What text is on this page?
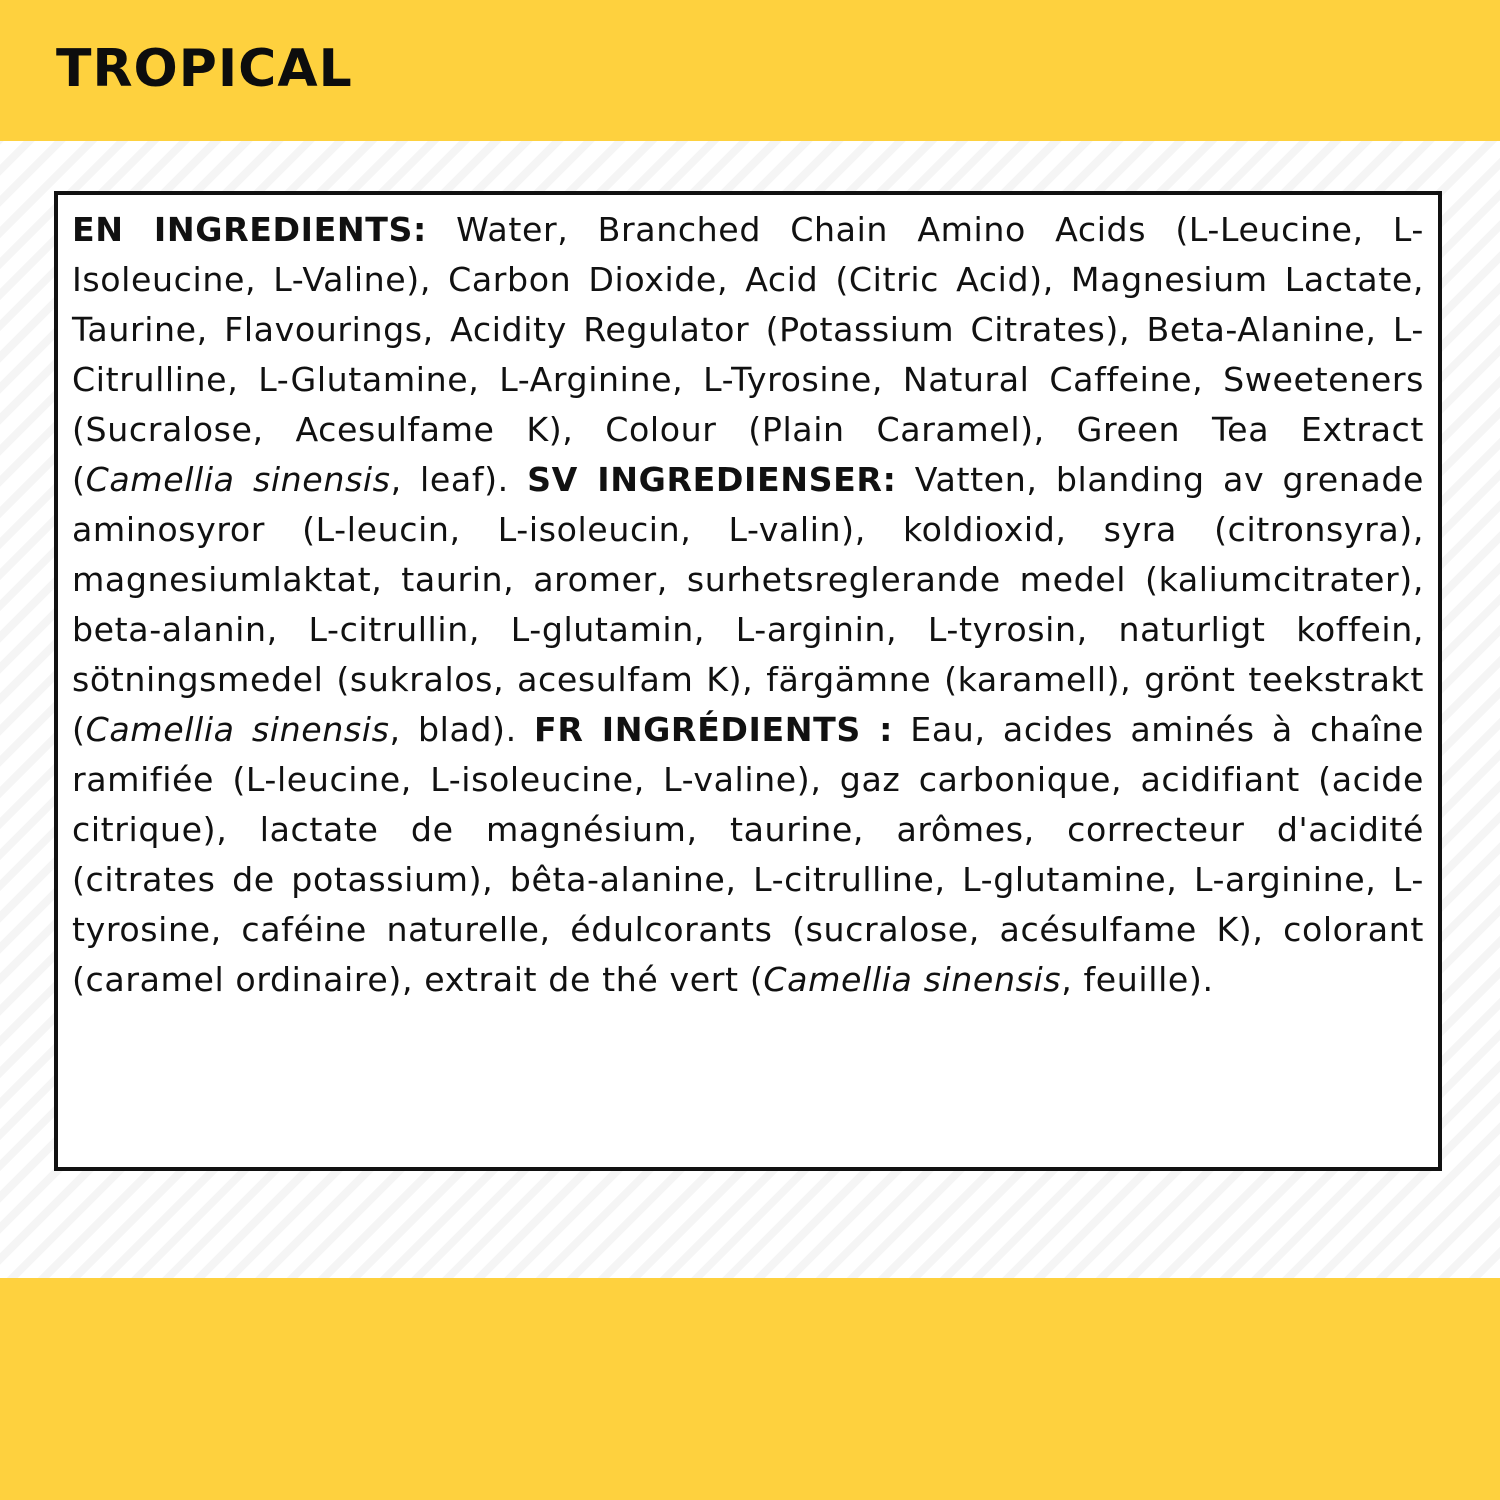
TROPICAL

EN INGREDIENTS: Water, Branched Chain Amino Acids (L-Leucine, L-Isoleucine, L-Valine), Carbon Dioxide, Acid (Citric Acid), Magnesium Lactate, Taurine, Flavourings, Acidity Regulator (Potassium Citrates), Beta-Alanine, L-Citrulline, L-Glutamine, L-Arginine, L-Tyrosine, Natural Caffeine, Sweeteners (Sucralose, Acesulfame K), Colour (Plain Caramel), Green Tea Extract (Camellia sinensis, leaf). SV INGREDIENSER: Vatten, blanding av grenade aminosyror (L-leucin, L-isoleucin, L-valin), koldioxid, syra (citronsyra), magnesiumlaktat, taurin, aromer, surhetsreglerande medel (kaliumcitrater), beta-alanin, L-citrullin, L-glutamin, L-arginin, L-tyrosin, naturligt koffein, sötningsmedel (sukralos, acesulfam K), färgämne (karamell), grönt teekstrakt (Camellia sinensis, blad). FR INGRÉDIENTS : Eau, acides aminés à chaîne ramifiée (L-leucine, L-isoleucine, L-valine), gaz carbonique, acidifiant (acide citrique), lactate de magnésium, taurine, arômes, correcteur d'acidité (citrates de potassium), bêta-alanine, L-citrulline, L-glutamine, L-arginine, L-tyrosine, caféine naturelle, édulcorants (sucralose, acésulfame K), colorant (caramel ordinaire), extrait de thé vert (Camellia sinensis, feuille).
